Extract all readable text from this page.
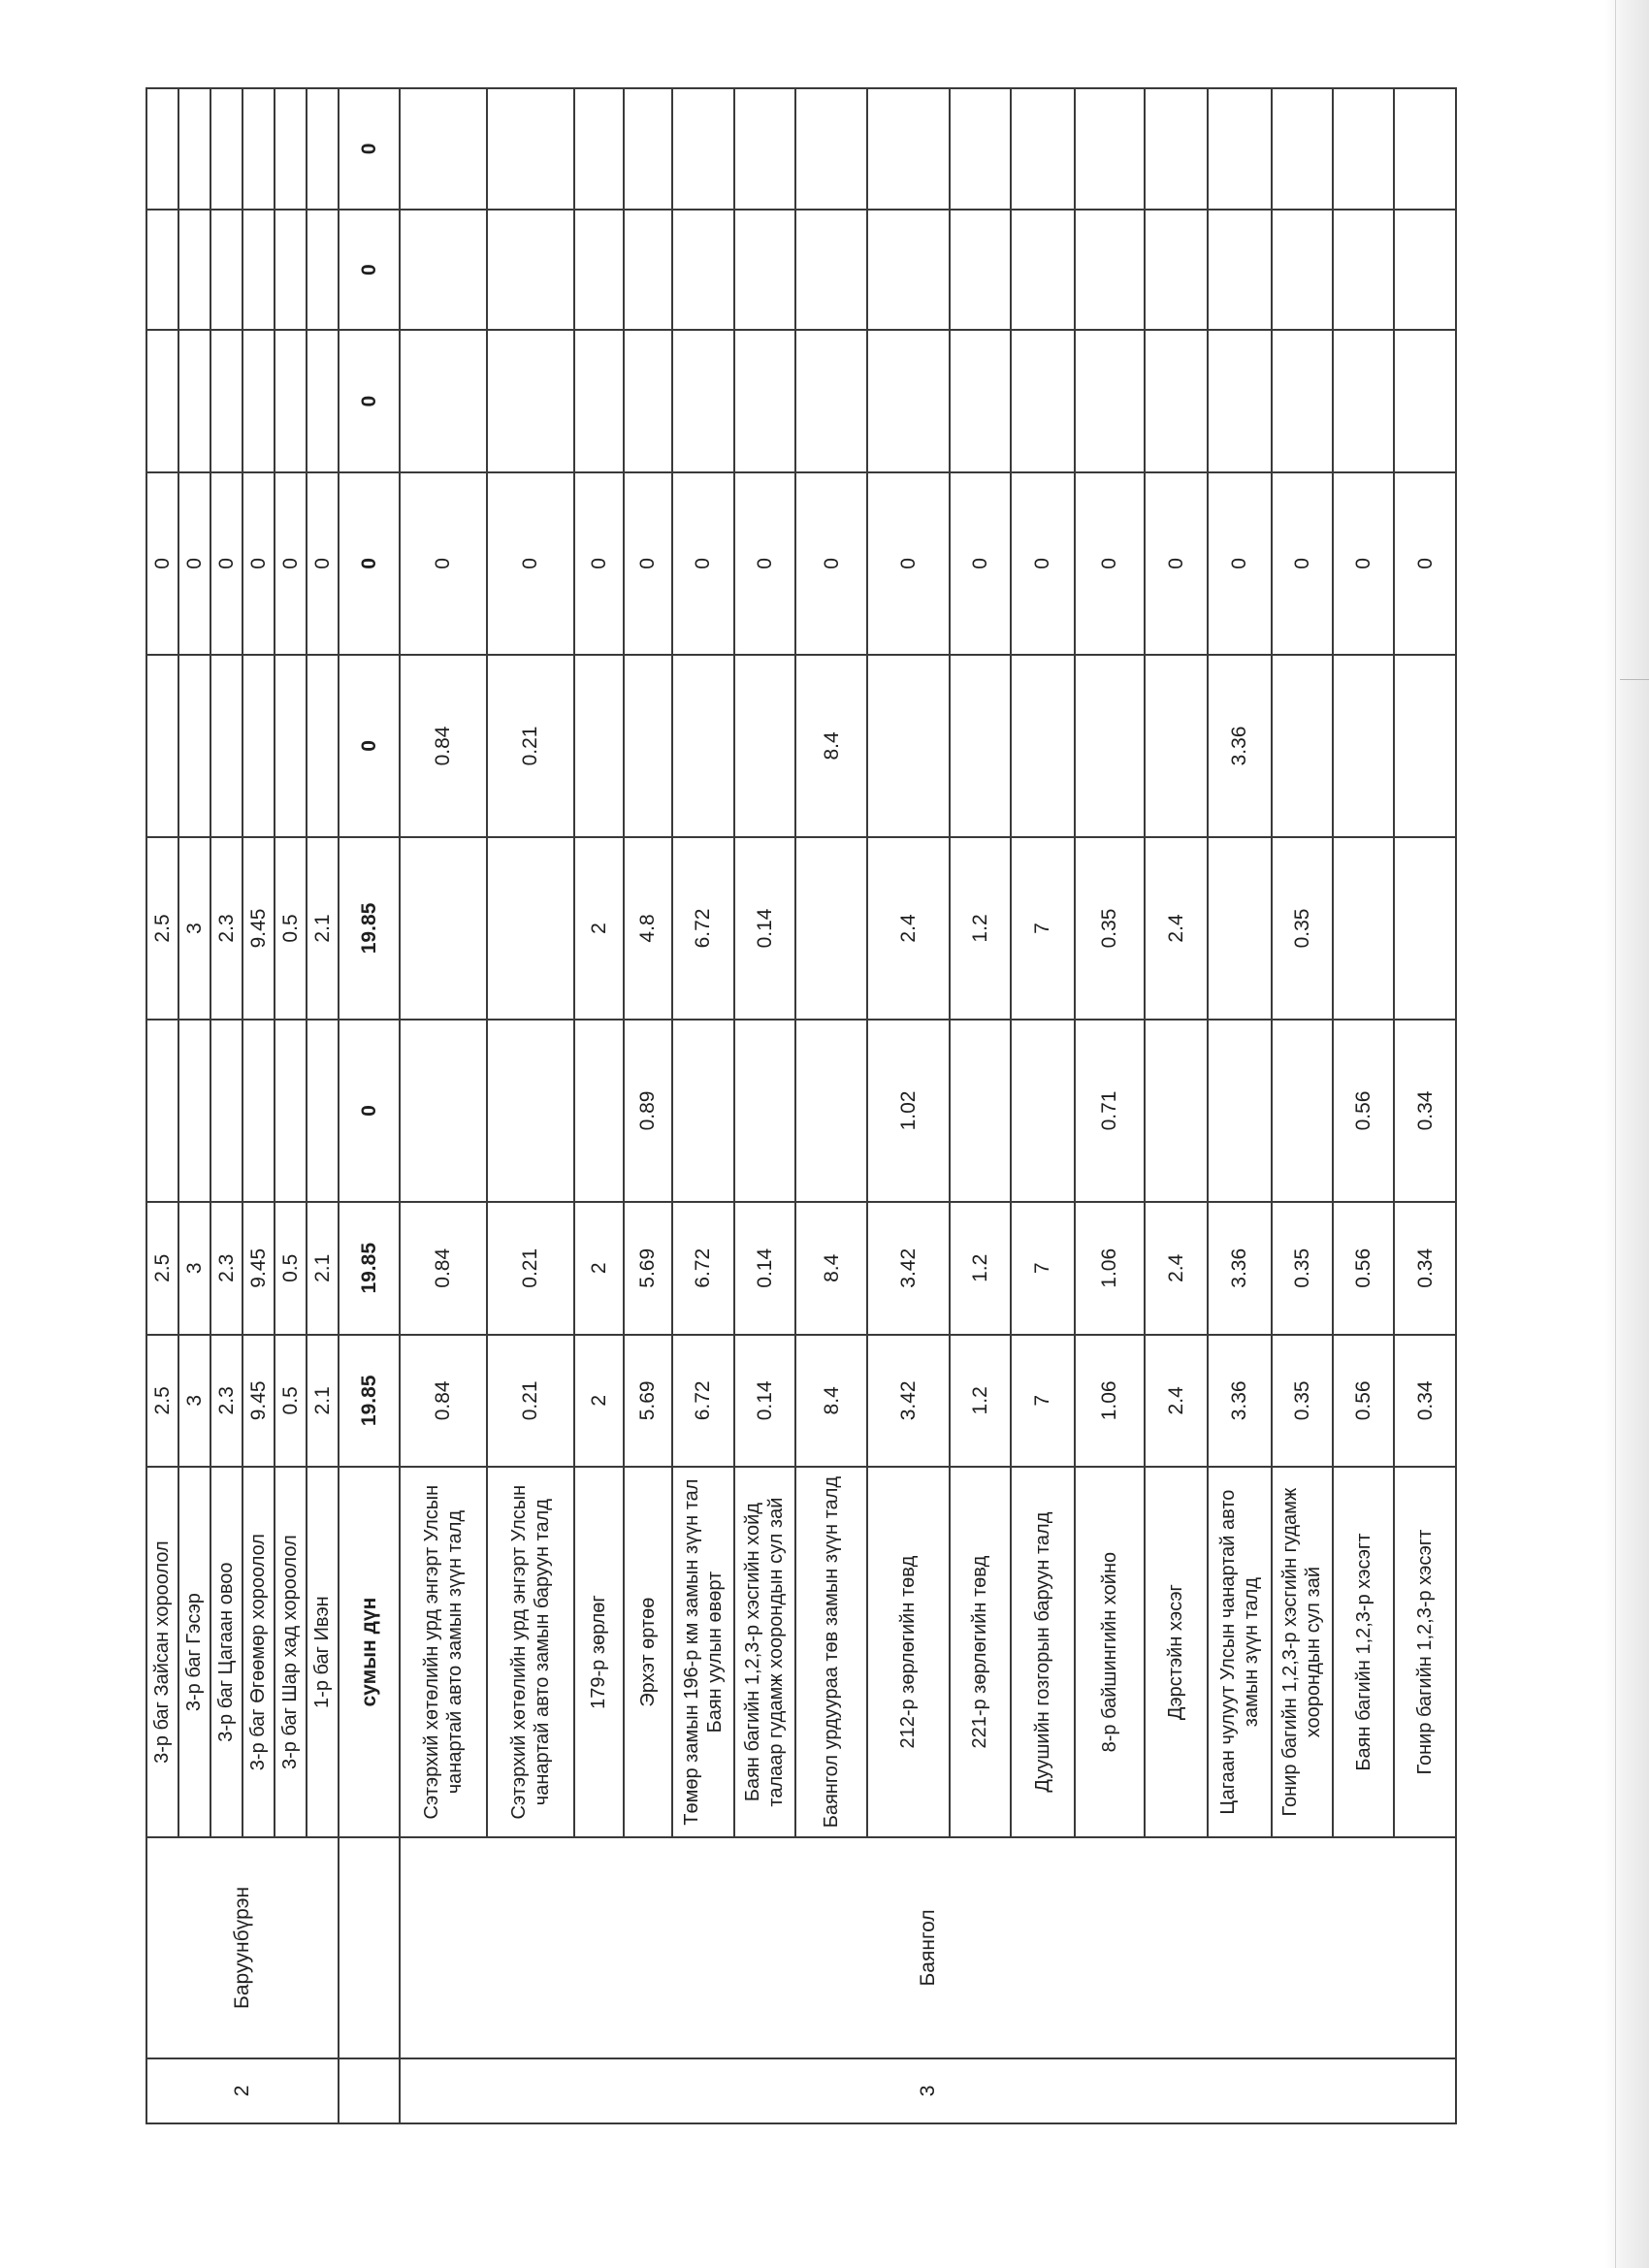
2	Баруунбүрэн	3-р баг Зайсан хороолол	2.5	2.5		2.5		0			
		3-р баг Гэсэр	3	3		3		0			
		3-р баг Цагаан овоо	2.3	2.3		2.3		0			
		3-р баг Өгөөмөр хороолол	9.45	9.45		9.45		0			
		3-р баг Шар хад хороолол	0.5	0.5		0.5		0			
		1-р баг Ивэн	2.1	2.1		2.1		0			
		сумын дүн	19.85	19.85	0	19.85	0	0	0	0	0
3	Баянгол	Сэтэрхий хөтөлийн урд энгэрт Улсын чанартай авто замын зүүн талд	0.84	0.84			0.84	0			
		Сэтэрхий хөтөлийн урд энгэрт Улсын чанартай авто замын баруун талд	0.21	0.21			0.21	0			
		179-р зөрлөг	2	2		2		0			
		Эрхэт өртөө	5.69	5.69	0.89	4.8		0			
		Төмөр замын 196-р км замын зүүн тал Баян уулын өвөрт	6.72	6.72		6.72		0			
		Баян багийн 1,2,3-р хэсгийн хойд талаар гудамж хоорондын сул зай	0.14	0.14		0.14		0			
		Баянгол урдуураа төв замын зүүн талд	8.4	8.4			8.4	0			
		212-р зөрлөгийн төвд	3.42	3.42	1.02	2.4		0			
		221-р зөрлөгийн төвд	1.2	1.2		1.2		0			
		Дуушийн гозгорын баруун талд	7	7		7		0			
		8-р байшингийн хойно	1.06	1.06	0.71	0.35		0			
		Дэрстэйн хэсэг	2.4	2.4		2.4		0			
		Цагаан чулуут Улсын чанартай авто замын зүүн талд	3.36	3.36			3.36	0			
		Гонир багийн 1,2,3-р хэсгийн гудамж хоорондын сул зай	0.35	0.35		0.35		0			
		Баян багийн 1,2,3-р хэсэгт	0.56	0.56	0.56			0			
		Гонир багийн 1,2,3-р хэсэгт	0.34	0.34	0.34			0			
